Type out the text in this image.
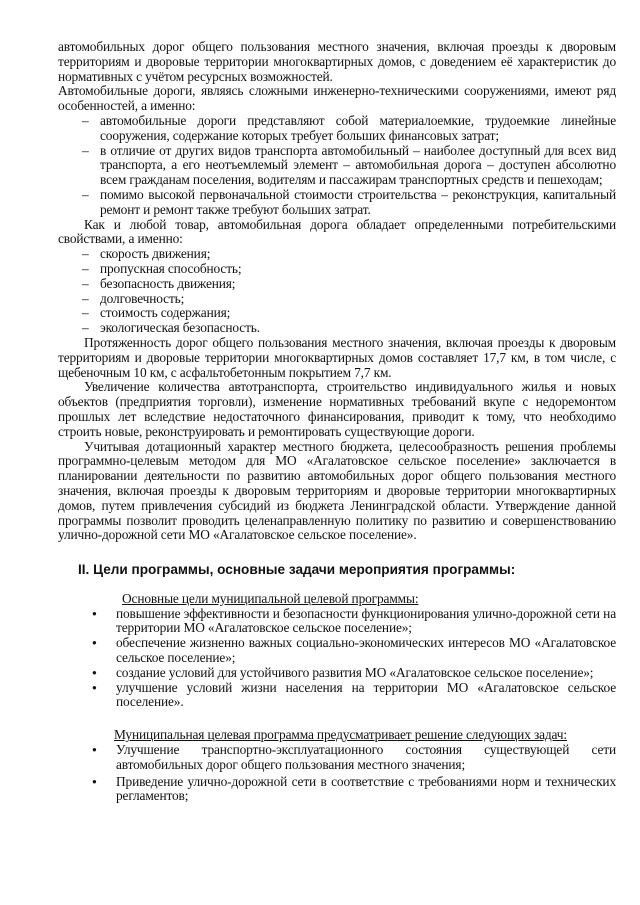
автомобильных дорог общего пользования местного значения, включая проезды к дворовым территориям и дворовые территории многоквартирных домов, с доведением её характеристик до нормативных с учётом ресурсных возможностей.

Автомобильные дороги, являясь сложными инженерно-техническими сооружениями, имеют ряд особенностей, а именно:

– автомобильные дороги представляют собой материалоемкие, трудоемкие линейные сооружения, содержание которых требует больших финансовых затрат;
– в отличие от других видов транспорта автомобильный – наиболее доступный для всех вид транспорта, а его неотъемлемый элемент – автомобильная дорога – доступен абсолютно всем гражданам поселения, водителям и пассажирам транспортных средств и пешеходам;
– помимо высокой первоначальной стоимости строительства – реконструкция, капитальный ремонт и ремонт также требуют больших затрат.

Как и любой товар, автомобильная дорога обладает определенными потребительскими свойствами, а именно:

– скорость движения;
– пропускная способность;
– безопасность движения;
– долговечность;
– стоимость содержания;
– экологическая безопасность.

Протяженность дорог общего пользования местного значения, включая проезды к дворовым территориям и дворовые территории многоквартирных домов составляет 17,7 км, в том числе, с щебеночным 10 км, с асфальтобетонным покрытием 7,7 км.

Увеличение количества автотранспорта, строительство индивидуального жилья и новых объектов (предприятия торговли), изменение нормативных требований вкупе с недоремонтом прошлых лет вследствие недостаточного финансирования, приводит к тому, что необходимо строить новые, реконструировать и ремонтировать существующие дороги.

Учитывая дотационный характер местного бюджета, целесообразность решения проблемы программно-целевым методом для МО «Агалатовское сельское поселение» заключается в планировании деятельности по развитию автомобильных дорог общего пользования местного значения, включая проезды к дворовым территориям и дворовые территории многоквартирных домов, путем привлечения субсидий из бюджета Ленинградской области. Утверждение данной программы позволит проводить целенаправленную политику по развитию и совершенствованию улично-дорожной сети МО «Агалатовское сельское поселение».

II. Цели программы, основные задачи мероприятия программы:

Основные цели муниципальной целевой программы:

● повышение эффективности и безопасности функционирования улично-дорожной сети на территории МО «Агалатовское сельское поселение»;
● обеспечение жизненно важных социально-экономических интересов МО «Агалатовское сельское поселение»;
● создание условий для устойчивого развития МО «Агалатовское сельское поселение»;
● улучшение условий жизни населения на территории МО «Агалатовское сельское поселение».

Муниципальная целевая программа предусматривает решение следующих задач:

● Улучшение транспортно-эксплуатационного состояния существующей сети автомобильных дорог общего пользования местного значения;
● Приведение улично-дорожной сети в соответствие с требованиями норм и технических регламентов;
